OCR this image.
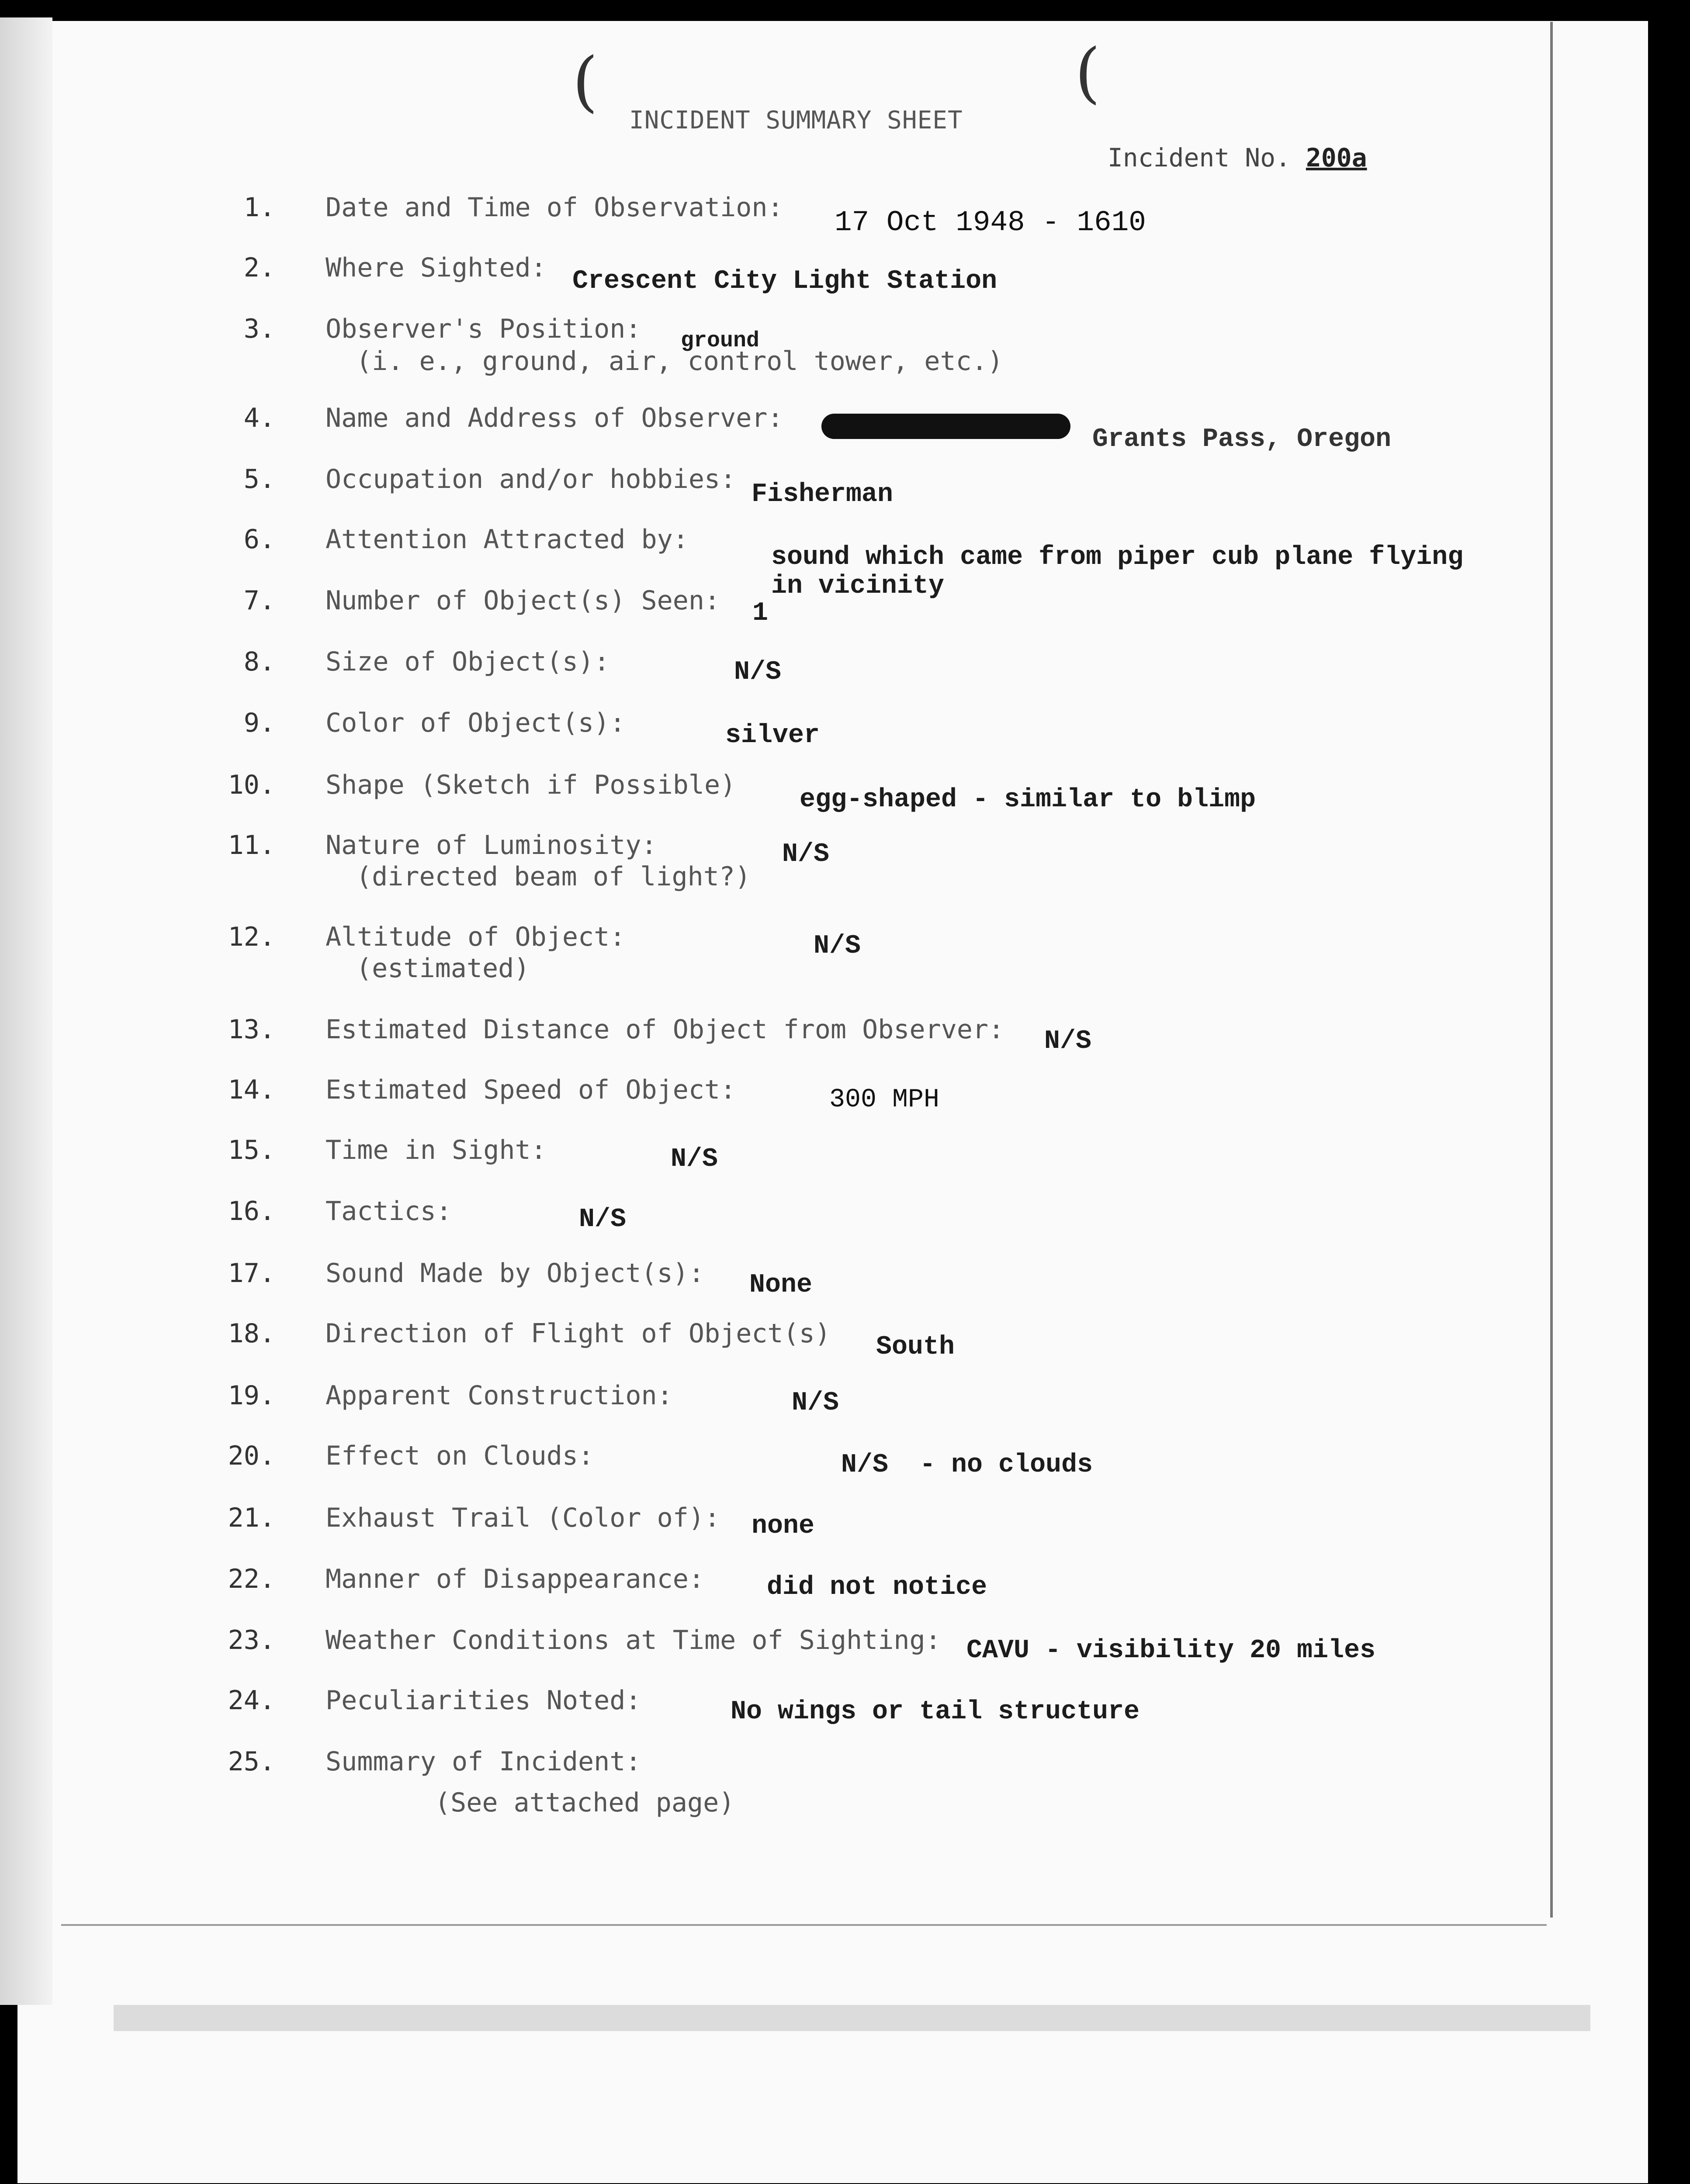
(	(
INCIDENT SUMMARY SHEET
Incident No. 200a
1. Date and Time of Observation: 17 Oct 1948 - 1610
2. Where Sighted: Crescent City Light Station
3. Observer's Position: ground
(i. e., ground, air, control tower, etc.)
4. Name and Address of Observer:
Grants Pass, Oregon
5. Occupation and/or hobbies: Fisherman
6. Attention Attracted by:
sound which came from piper cub plane flying
in vicinity
7. Number of Object(s) Seen: 1
8. Size of Object(s):	N/S
9. Color of Object(s):	silver
10. Shape (Sketch if Possible) egg-shaped - similar to blimp
11. Nature of Luminosity:
(directed beam of light?)
N/S
12. Altitude of Object:
(estimated)
N/S
13. Estimated Distance of Object from Observer: N/S
14. Estimated Speed of Object:	300 MPH
15. Time in Sight:	N/S
16. Tactics:	N/S
17. Sound Made by Object(s): None
18. Direction of Flight of Object(s) South
19. Apparent Construction:	N/S
20. Effect on Clouds:	N/S  - no clouds
21. Exhaust Trail (Color of): none
22. Manner of Disappearance: did not notice
23. Weather Conditions at Time of Sighting: CAVU - visibility 20 miles
24. Peculiarities Noted:	No wings or tail structure
25. Summary of Incident:
(See attached page)
